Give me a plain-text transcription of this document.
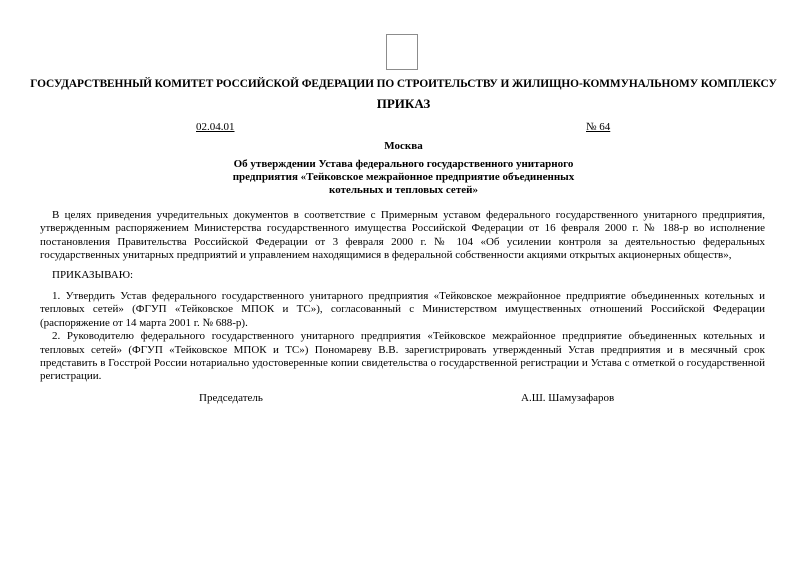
ГОСУДАРСТВЕННЫЙ КОМИТЕТ РОССИЙСКОЙ ФЕДЕРАЦИИ ПО СТРОИТЕЛЬСТВУ И ЖИЛИЩНО-КОММУНАЛЬНОМУ КОМПЛЕКСУ
ПРИКАЗ
02.04.01	№ 64
Москва
Об утверждении Устава федерального государственного унитарного предприятия «Тейковское межрайонное предприятие объединенных котельных и тепловых сетей»

В целях приведения учредительных документов в соответствие с Примерным уставом федерального государственного унитарного предприятия, утвержденным распоряжением Министерства государственного имущества Российской Федерации от 16 февраля 2000 г. № 188-р во исполнение постановления Правительства Российской Федерации от 3 февраля 2000 г. № 104 «Об усилении контроля за деятельностью федеральных государственных унитарных предприятий и управлением находящимися в федеральной собственности акциями открытых акционерных обществ»,

ПРИКАЗЫВАЮ:

1. Утвердить Устав федерального государственного унитарного предприятия «Тейковское межрайонное предприятие объединенных котельных и тепловых сетей» (ФГУП «Тейковское МПОК и ТС»), согласованный с Министерством имущественных отношений Российской Федерации (распоряжение от 14 марта 2001 г. № 688-р).

2. Руководителю федерального государственного унитарного предприятия «Тейковское межрайонное предприятие объединенных котельных и тепловых сетей» (ФГУП «Тейковское МПОК и ТС») Пономареву В.В. зарегистрировать утвержденный Устав предприятия и в месячный срок представить в Госстрой России нотариально удостоверенные копии свидетельства о государственной регистрации и Устава с отметкой о государственной регистрации.

Председатель	А.Ш. Шамузафаров
